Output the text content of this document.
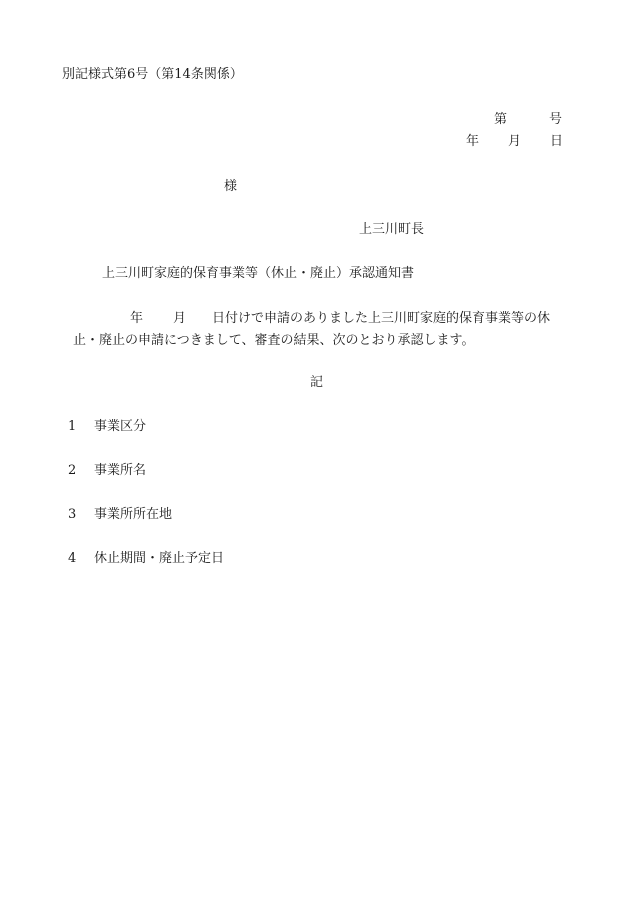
別記様式第6号（第14条関係）
第	号
年 月 日
様
上三川町長
上三川町家庭的保育事業等（休止・廃止）承認通知書
年 月 日付けで申請のありました上三川町家庭的保育事業等の休
止・廃止の申請につきまして、審査の結果、次のとおり承認します。
記
1 事業区分
2 事業所名
3 事業所所在地
4 休止期間・廃止予定日
